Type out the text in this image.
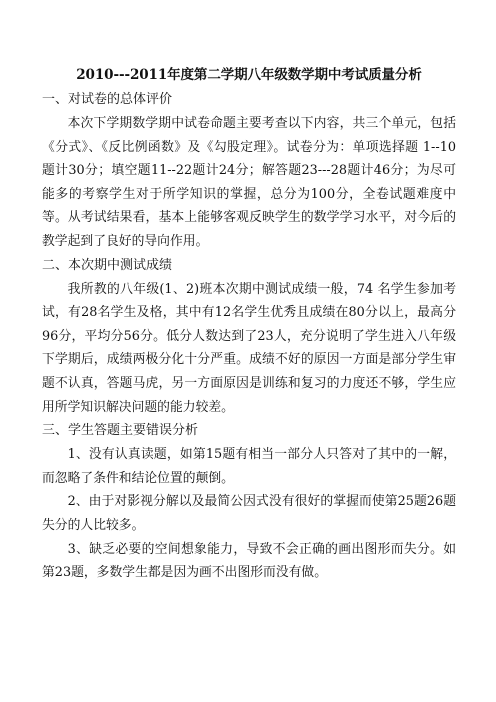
2010---2011年度第二学期八年级数学期中考试质量分析

一、对试卷的总体评价

本次下学期数学期中试卷命题主要考查以下内容，共三个单元，包括《分式》、《反比例函数》及《勾股定理》。试卷分为：单项选择题 1--10题计30分；填空题11--22题计24分；解答题23---28题计46分；为尽可能多的考察学生对于所学知识的掌握，总分为100分，全卷试题难度中等。从考试结果看，基本上能够客观反映学生的数学学习水平，对今后的教学起到了良好的导向作用。

二、本次期中测试成绩

我所教的八年级(1、2)班本次期中测试成绩一般，74 名学生参加考试，有28名学生及格，其中有12名学生优秀且成绩在80分以上，最高分96分，平均分56分。低分人数达到了23人，充分说明了学生进入八年级下学期后，成绩两极分化十分严重。成绩不好的原因一方面是部分学生审题不认真，答题马虎，另一方面原因是训练和复习的力度还不够，学生应用所学知识解决问题的能力较差。

三、学生答题主要错误分析

1、没有认真读题，如第15题有相当一部分人只答对了其中的一解，而忽略了条件和结论位置的颠倒。

2、由于对影视分解以及最简公因式没有很好的掌握而使第25题26题失分的人比较多。

3、缺乏必要的空间想象能力，导致不会正确的画出图形而失分。如第23题，多数学生都是因为画不出图形而没有做。
